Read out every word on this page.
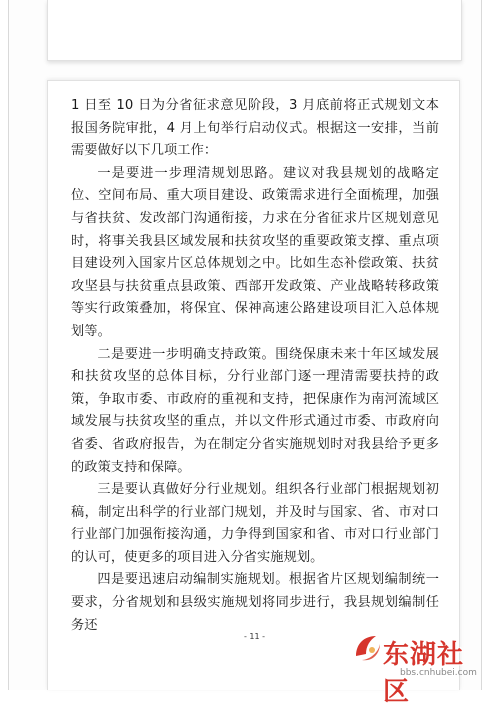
1 日至 10 日为分省征求意见阶段，3 月底前将正式规划文本报国务院审批，4 月上旬举行启动仪式。根据这一安排，当前需要做好以下几项工作：

一是要进一步理清规划思路。建议对我县规划的战略定位、空间布局、重大项目建设、政策需求进行全面梳理，加强与省扶贫、发改部门沟通衔接，力求在分省征求片区规划意见时，将事关我县区域发展和扶贫攻坚的重要政策支撑、重点项目建设列入国家片区总体规划之中。比如生态补偿政策、扶贫攻坚县与扶贫重点县政策、西部开发政策、产业战略转移政策等实行政策叠加，将保宜、保神高速公路建设项目汇入总体规划等。

二是要进一步明确支持政策。围绕保康未来十年区域发展和扶贫攻坚的总体目标，分行业部门逐一理清需要扶持的政策，争取市委、市政府的重视和支持，把保康作为南河流域区域发展与扶贫攻坚的重点，并以文件形式通过市委、市政府向省委、省政府报告，为在制定分省实施规划时对我县给予更多的政策支持和保障。

三是要认真做好分行业规划。组织各行业部门根据规划初稿，制定出科学的行业部门规划，并及时与国家、省、市对口行业部门加强衔接沟通，力争得到国家和省、市对口行业部门的认可，使更多的项目进入分省实施规划。

四是要迅速启动编制实施规划。根据省片区规划编制统一要求，分省规划和县级实施规划将同步进行，我县规划编制任务还

- 11 -
东湖社区
bbs.cnhubei.com
